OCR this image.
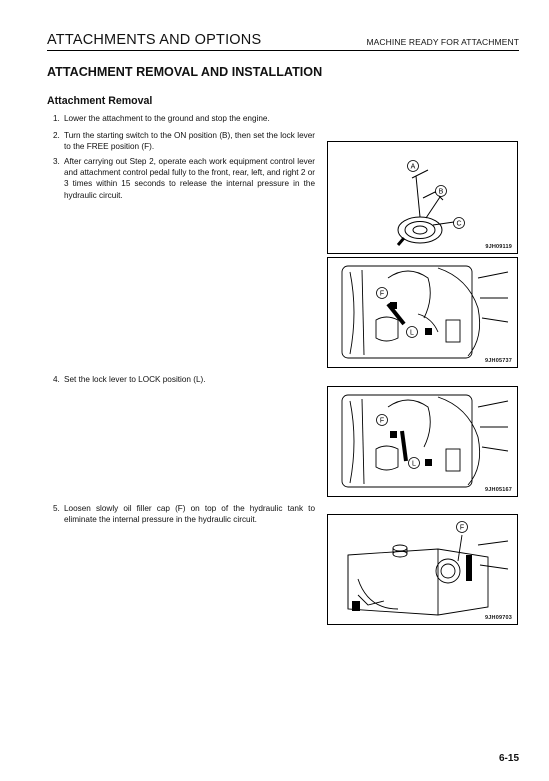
ATTACHMENTS AND OPTIONS	MACHINE READY FOR ATTACHMENT
ATTACHMENT REMOVAL AND INSTALLATION
Attachment Removal
1. Lower the attachment to the ground and stop the engine.
2. Turn the starting switch to the ON position (B), then set the lock lever to the FREE position (F).
3. After carrying out Step 2, operate each work equipment control lever and attachment control pedal fully to the front, rear, left, and right 2 or 3 times within 15 seconds to release the internal pressure in the hydraulic circuit.
4. Set the lock lever to LOCK position (L).
5. Loosen slowly oil filler cap (F) on top of the hydraulic tank to eliminate the internal pressure in the hydraulic circuit.
A
B
C
9JH09119
F
L
9JH05737
F
L
9JH05167
F
9JH09703
6-15
